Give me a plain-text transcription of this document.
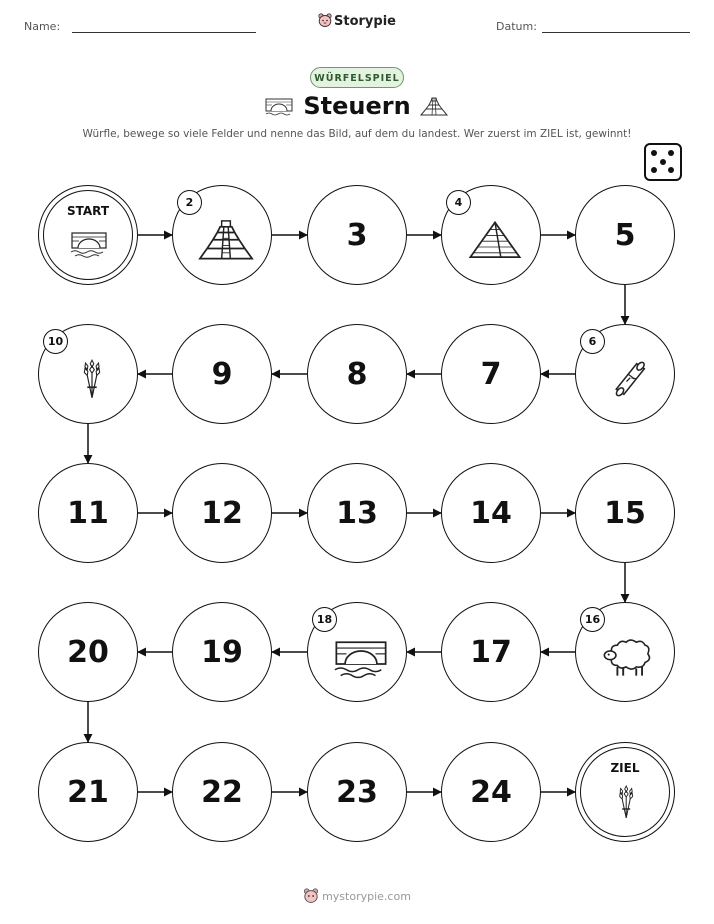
Name:	Datum:
Storypie
WÜRFELSPIEL
Steuern
Würfle, bewege so viele Felder und nenne das Bild, auf dem du landest. Wer zuerst im ZIEL ist, gewinnt!
START
2
3
4
5
6
7
8
9
10
11	12	13	14	15
16
17
18
19
20
21	22	23	24
ZIEL
mystorypie.com
